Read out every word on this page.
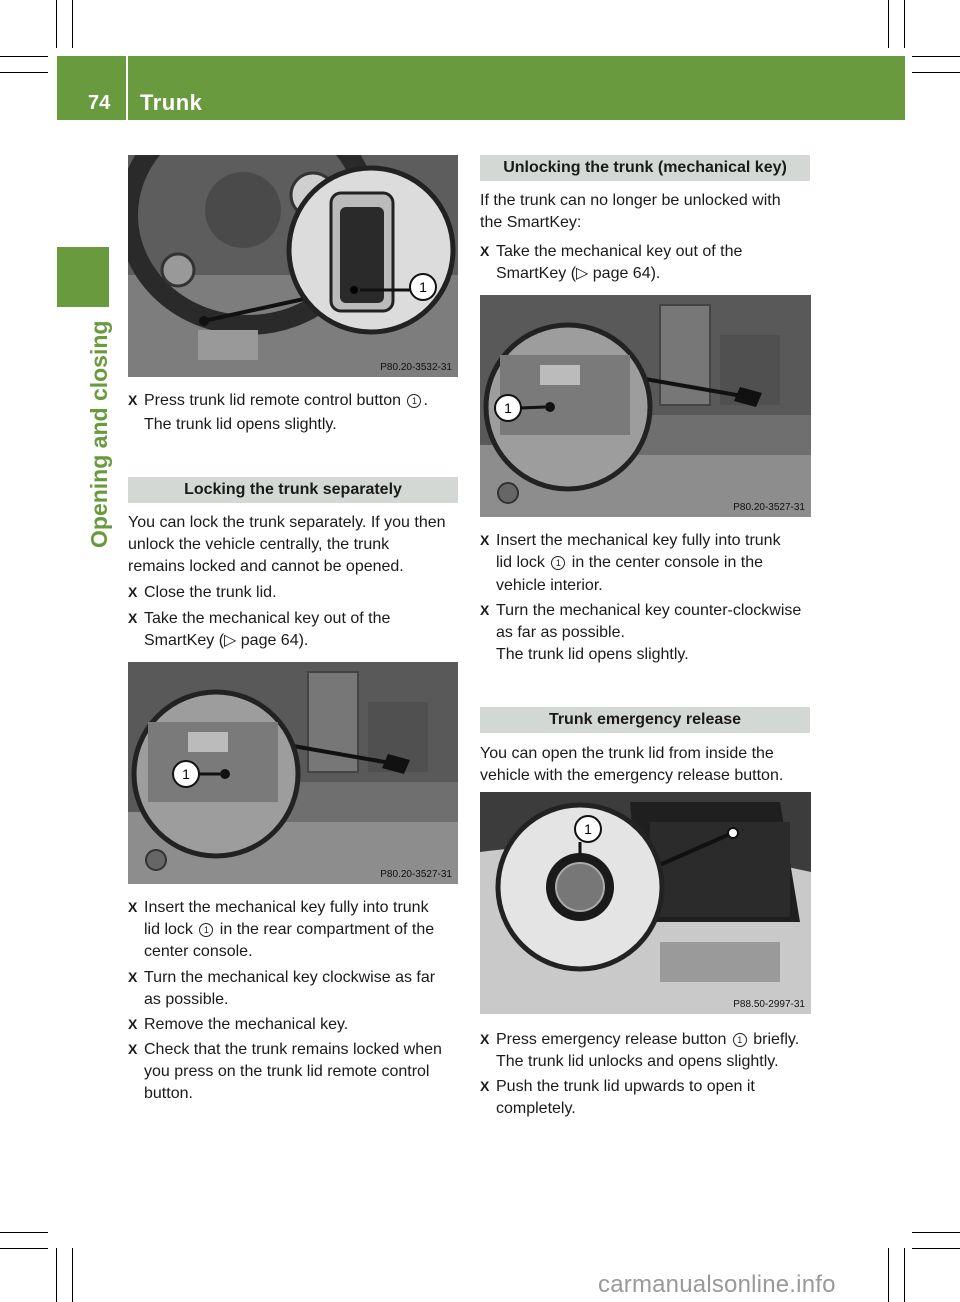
74 Trunk
Opening and closing
1
P80.20-3532-31
X Press trunk lid remote control button 1 .
The trunk lid opens slightly.
Locking the trunk separately
You can lock the trunk separately. If you then
unlock the vehicle centrally, the trunk
remains locked and cannot be opened.
X Close the trunk lid.
X Take the mechanical key out of the
SmartKey (▷ page 64).
1
P80.20-3527-31
X Insert the mechanical key fully into trunk
lid lock 1 in the rear compartment of the
center console.
X Turn the mechanical key clockwise as far
as possible.
X Remove the mechanical key.
X Check that the trunk remains locked when
you press on the trunk lid remote control
button.
Unlocking the trunk (mechanical key)
If the trunk can no longer be unlocked with
the SmartKey:
X Take the mechanical key out of the
SmartKey (▷ page 64).
1
P80.20-3527-31
X Insert the mechanical key fully into trunk
lid lock 1 in the center console in the
vehicle interior.
X Turn the mechanical key counter-clockwise
as far as possible.
The trunk lid opens slightly.
Trunk emergency release
You can open the trunk lid from inside the
vehicle with the emergency release button.
1
P88.50-2997-31
X Press emergency release button 1 briefly.
The trunk lid unlocks and opens slightly.
X Push the trunk lid upwards to open it
completely.
carmanualsonline.info
